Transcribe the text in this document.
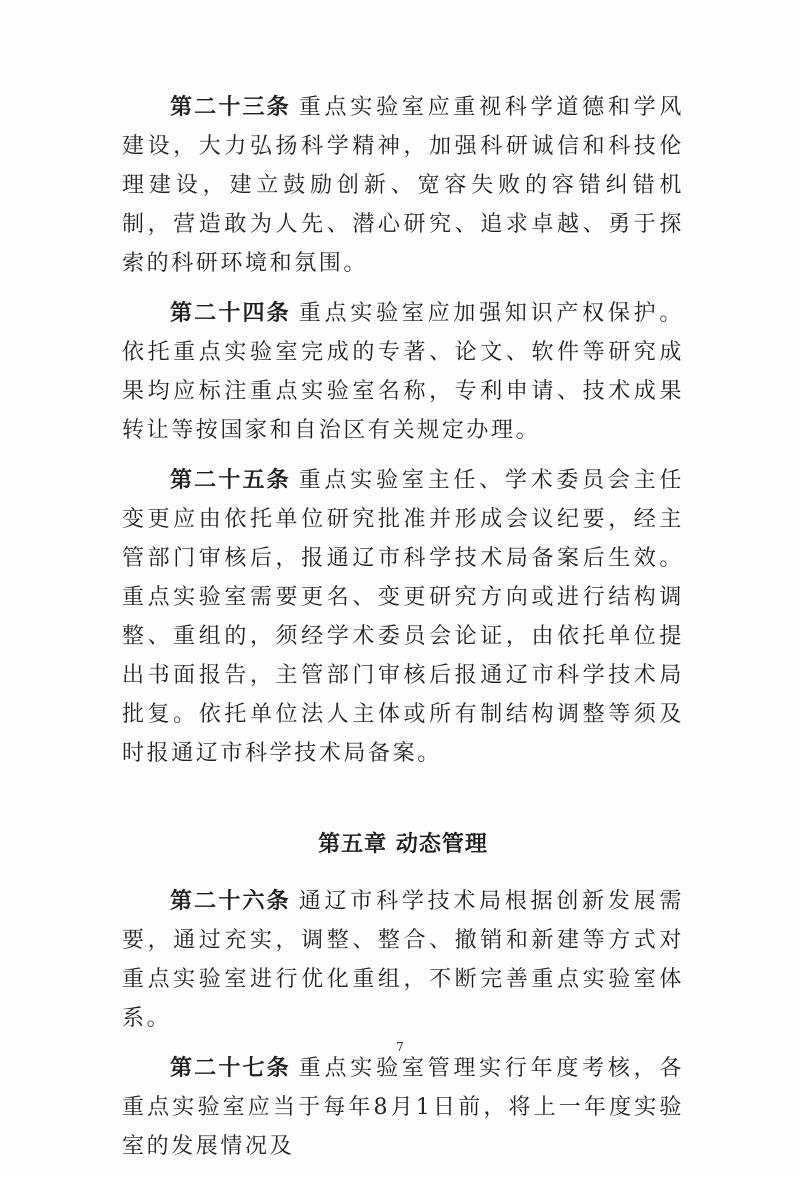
第二十三条 重点实验室应重视科学道德和学风建设，大力弘扬科学精神，加强科研诚信和科技伦理建设，建立鼓励创新、宽容失败的容错纠错机制，营造敢为人先、潜心研究、追求卓越、勇于探索的科研环境和氛围。

第二十四条 重点实验室应加强知识产权保护。依托重点实验室完成的专著、论文、软件等研究成果均应标注重点实验室名称，专利申请、技术成果转让等按国家和自治区有关规定办理。

第二十五条 重点实验室主任、学术委员会主任变更应由依托单位研究批准并形成会议纪要，经主管部门审核后，报通辽市科学技术局备案后生效。重点实验室需要更名、变更研究方向或进行结构调整、重组的，须经学术委员会论证，由依托单位提出书面报告，主管部门审核后报通辽市科学技术局批复。依托单位法人主体或所有制结构调整等须及时报通辽市科学技术局备案。

第五章 动态管理

第二十六条 通辽市科学技术局根据创新发展需要，通过充实，调整、整合、撤销和新建等方式对重点实验室进行优化重组，不断完善重点实验室体系。

第二十七条 重点实验室管理实行年度考核，各重点实验室应当于每年8月1日前，将上一年度实验室的发展情况及

7
